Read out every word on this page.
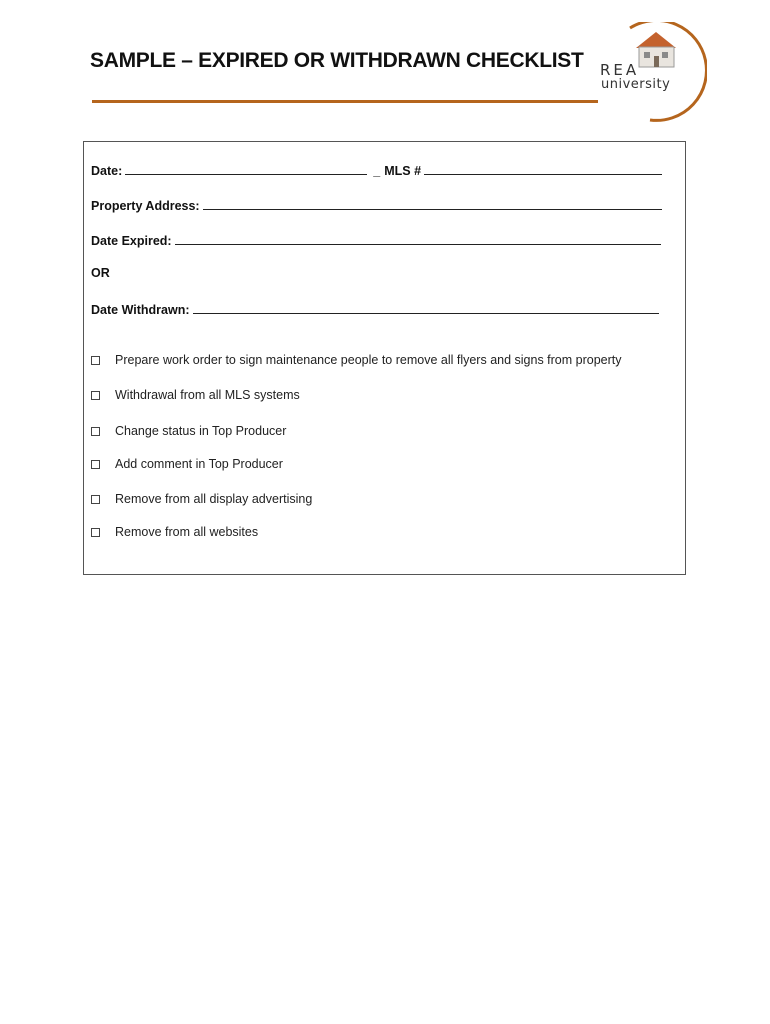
SAMPLE – EXPIRED OR WITHDRAWN CHECKLIST REA
university
Date:	_ MLS #
Property Address:
Date Expired:
OR
Date Withdrawn:
Prepare work order to sign maintenance people to remove all flyers and signs from property
Withdrawal from all MLS systems
Change status in Top Producer
Add comment in Top Producer
Remove from all display advertising
Remove from all websites
